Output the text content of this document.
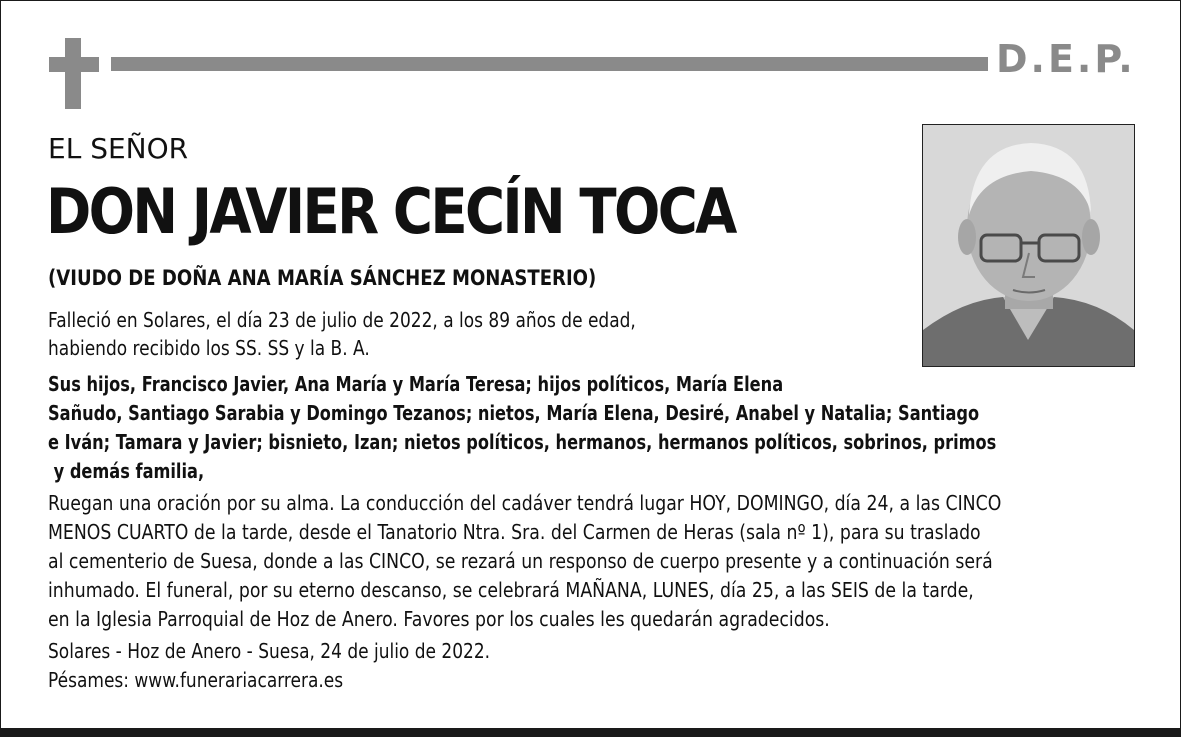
D.E.P.
EL SEÑOR
DON JAVIER CECÍN TOCA
(VIUDO DE DOÑA ANA MARÍA SÁNCHEZ MONASTERIO)
Falleció en Solares, el día 23 de julio de 2022, a los 89 años de edad,
habiendo recibido los SS. SS y la B. A.
Sus hijos, Francisco Javier, Ana María y María Teresa; hijos políticos, María Elena
Sañudo, Santiago Sarabia y Domingo Tezanos; nietos, María Elena, Desiré, Anabel y Natalia; Santiago
e Iván; Tamara y Javier; bisnieto, Izan; nietos políticos, hermanos, hermanos políticos, sobrinos, primos
y demás familia,
Ruegan una oración por su alma. La conducción del cadáver tendrá lugar HOY, DOMINGO, día 24, a las CINCO
MENOS CUARTO de la tarde, desde el Tanatorio Ntra. Sra. del Carmen de Heras (sala nº 1), para su traslado
al cementerio de Suesa, donde a las CINCO, se rezará un responso de cuerpo presente y a continuación será
inhumado. El funeral, por su eterno descanso, se celebrará MAÑANA, LUNES, día 25, a las SEIS de la tarde,
en la Iglesia Parroquial de Hoz de Anero. Favores por los cuales les quedarán agradecidos.
Solares - Hoz de Anero - Suesa, 24 de julio de 2022.
Pésames: www.funerariacarrera.es
